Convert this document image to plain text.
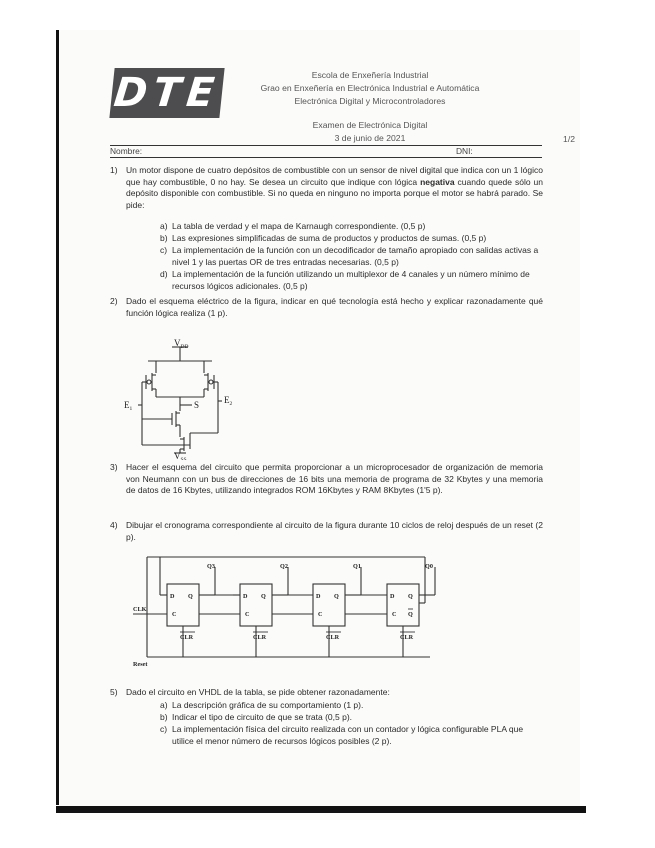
DTE	Escola de Enxeñería Industrial
Grao en Enxeñería en Electrónica Industrial e Automática
Electrónica Digital y Microcontroladores
Examen de Electrónica Digital
3 de junio de 2021	1/2
Nombre:	DNI:
1) Un motor dispone de cuatro depósitos de combustible con un sensor de nivel digital que indica con un 1 lógico que hay combustible, 0 no hay. Se desea un circuito que indique con lógica negativa cuando quede sólo un depósito disponible con combustible. Si no queda en ninguno no importa porque el motor se habrá parado. Se pide:
a) La tabla de verdad y el mapa de Karnaugh correspondiente. (0,5 p)
b) Las expresiones simplificadas de suma de productos y productos de sumas. (0,5 p)
c) La implementación de la función con un decodificador de tamaño apropiado con salidas activas a nivel 1 y las puertas OR de tres entradas necesarias. (0,5 p)
d) La implementación de la función utilizando un multiplexor de 4 canales y un número mínimo de recursos lógicos adicionales. (0,5 p)
2) Dado el esquema eléctrico de la figura, indicar en qué tecnología está hecho y explicar razonadamente qué función lógica realiza (1 p).
$V_{DD}$
$V_{SS}$
$E_1$
$E_2$
S
3) Hacer el esquema del circuito que permita proporcionar a un microprocesador de organización de memoria von Neumann con un bus de direcciones de 16 bits una memoria de programa de 32 Kbytes y una memoria de datos de 16 Kbytes, utilizando integrados ROM 16Kbytes y RAM 8Kbytes (1'5 p).
4) Dibujar el cronograma correspondiente al circuito de la figura durante 10 ciclos de reloj después de un reset (2 p).
Q3	Q2	Q1	Q0
CLK
Reset
D Q
C
CLR
D Q
C
CLR
D Q
C
CLR
D Q
C Q
CLR
5) Dado el circuito en VHDL de la tabla, se pide obtener razonadamente:
a) La descripción gráfica de su comportamiento (1 p).
b) Indicar el tipo de circuito de que se trata (0,5 p).
c) La implementación física del circuito realizada con un contador y lógica configurable PLA que utilice el menor número de recursos lógicos posibles (2 p).
